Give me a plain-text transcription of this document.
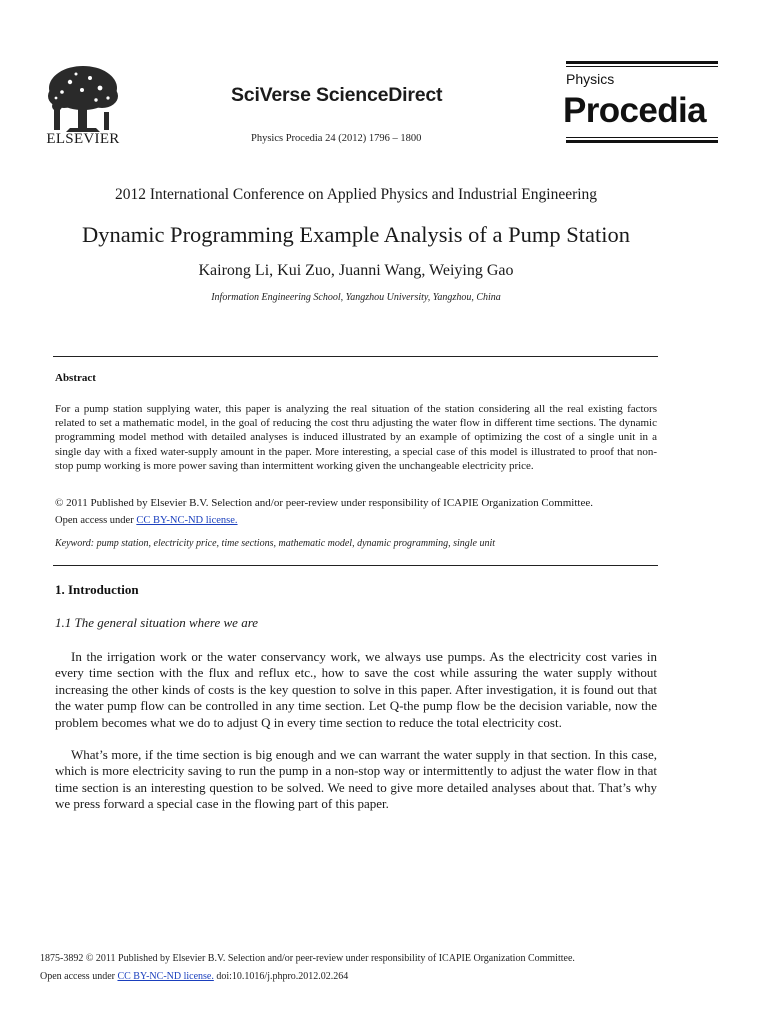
ELSEVIER
SciVerse ScienceDirect
Physics Procedia 24 (2012) 1796 – 1800
Physics
Procedia
2012 International Conference on Applied Physics and Industrial Engineering
Dynamic Programming Example Analysis of a Pump Station
Kairong Li, Kui Zuo, Juanni Wang, Weiying Gao
Information Engineering School, Yangzhou University, Yangzhou, China
Abstract
For a pump station supplying water, this paper is analyzing the real situation of the station considering all the real existing factors related to set a mathematic model, in the goal of reducing the cost thru adjusting the water flow in different time sections. The dynamic programming model method with detailed analyses is induced illustrated by an example of optimizing the cost of a single unit in a single day with a fixed water-supply amount in the paper. More interesting, a special case of this model is illustrated to proof that non-stop pump working is more power saving than intermittent working given the unchangeable electricity price.
© 2011 Published by Elsevier B.V. Selection and/or peer-review under responsibility of ICAPIE Organization Committee.
Open access under CC BY-NC-ND license.
Keyword: pump station, electricity price, time sections, mathematic model, dynamic programming, single unit
1. Introduction
1.1 The general situation where we are
In the irrigation work or the water conservancy work, we always use pumps. As the electricity cost varies in every time section with the flux and reflux etc., how to save the cost while assuring the water supply without increasing the other kinds of costs is the key question to solve in this paper. After investigation, it is found out that the water pump flow can be controlled in any time section. Let Q-the pump flow be the decision variable, now the problem becomes what we do to adjust Q in every time section to reduce the total electricity cost.
What’s more, if the time section is big enough and we can warrant the water supply in that section. In this case, which is more electricity saving to run the pump in a non-stop way or intermittently to adjust the water flow in that time section is an interesting question to be solved. We need to give more detailed analyses about that. That’s why we press forward a special case in the flowing part of this paper.
1875-3892 © 2011 Published by Elsevier B.V. Selection and/or peer-review under responsibility of ICAPIE Organization Committee.
Open access under CC BY-NC-ND license. doi:10.1016/j.phpro.2012.02.264
